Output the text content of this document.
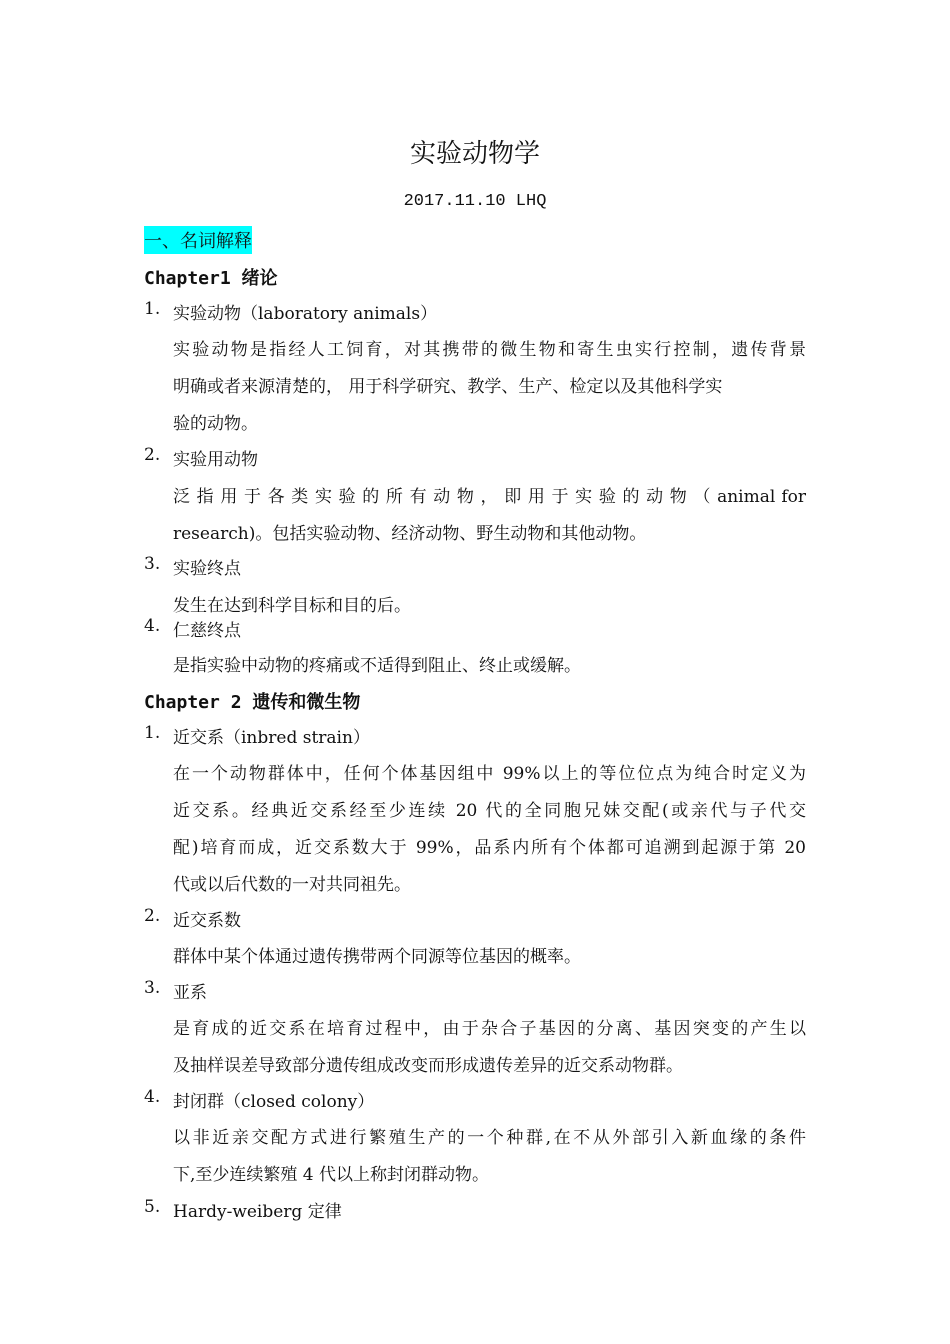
实验动物学
2017.11.10 LHQ
一、名词解释
Chapter1 绪论
1. 实验动物（laboratory animals）
实验动物是指经人工饲育，对其携带的微生物和寄生虫实行控制，遗传背景
明确或者来源清楚的， 用于科学研究、教学、生产、检定以及其他科学实
验的动物。
2. 实验用动物
泛 指 用 于 各 类 实 验 的 所 有 动 物 ， 即 用 于 实 验 的 动 物 （ animal for
research)。包括实验动物、经济动物、野生动物和其他动物。
3. 实验终点
发生在达到科学目标和目的后。
4. 仁慈终点
是指实验中动物的疼痛或不适得到阻止、终止或缓解。
Chapter 2 遗传和微生物
1. 近交系（inbred strain）
在一个动物群体中，任何个体基因组中 99%以上的等位位点为纯合时定义为
近交系。经典近交系经至少连续 20 代的全同胞兄妹交配(或亲代与子代交
配)培育而成，近交系数大于 99%，品系内所有个体都可追溯到起源于第 20
代或以后代数的一对共同祖先。
2. 近交系数
群体中某个体通过遗传携带两个同源等位基因的概率。
3. 亚系
是育成的近交系在培育过程中，由于杂合子基因的分离、基因突变的产生以
及抽样误差导致部分遗传组成改变而形成遗传差异的近交系动物群。
4. 封闭群（closed colony）
以非近亲交配方式进行繁殖生产的一个种群,在不从外部引入新血缘的条件
下,至少连续繁殖 4 代以上称封闭群动物。
5. Hardy-weiberg 定律
